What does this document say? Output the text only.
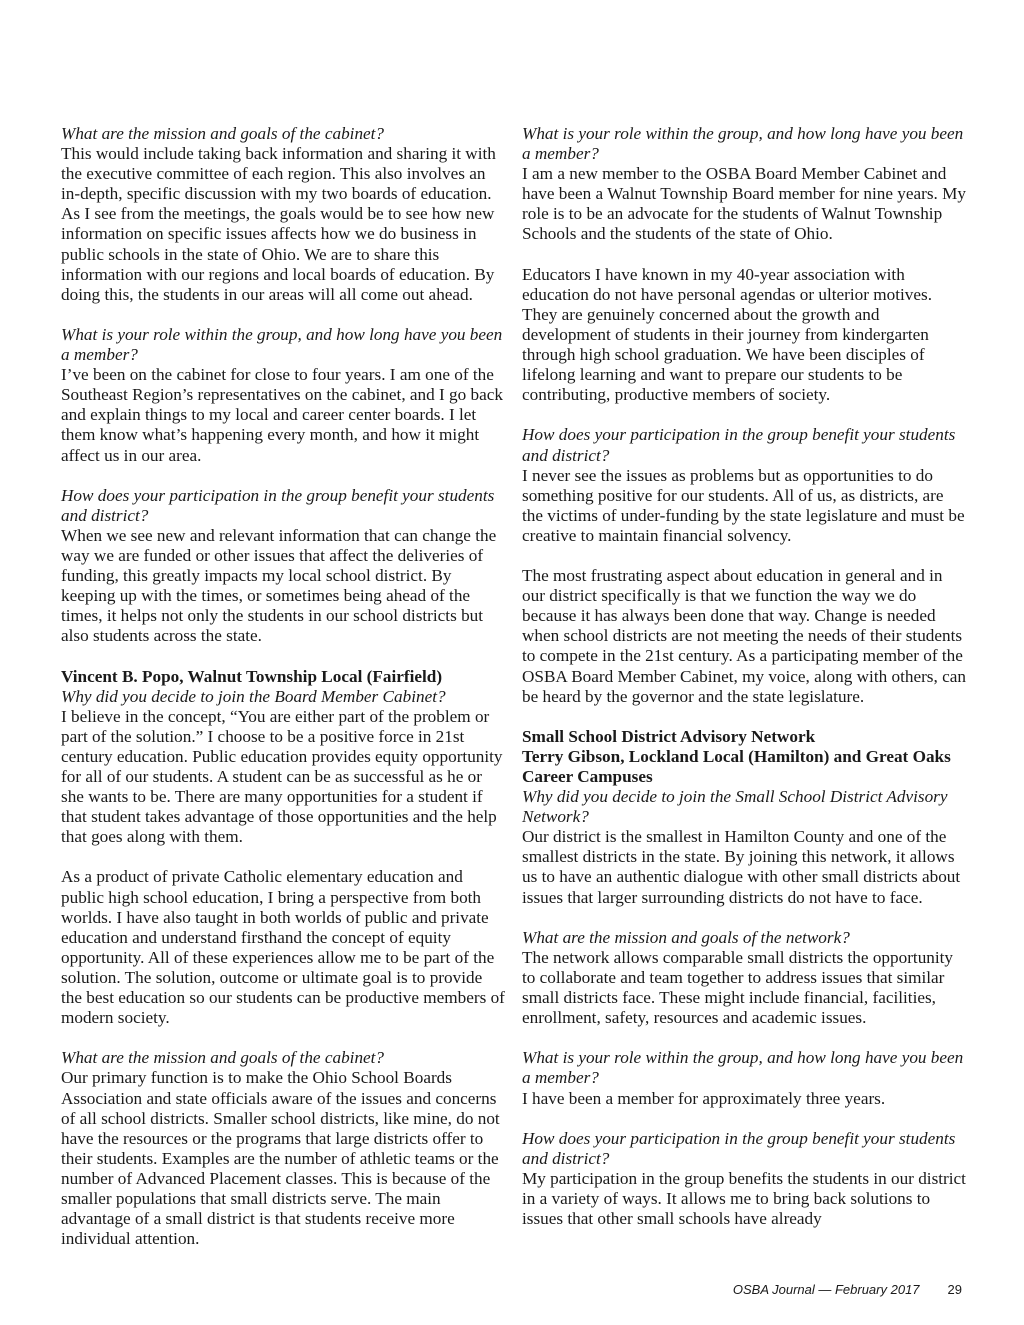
What are the mission and goals of the cabinet?

This would include taking back information and sharing it with the executive committee of each region. This also involves an in-depth, specific discussion with my two boards of education. As I see from the meetings, the goals would be to see how new information on specific issues affects how we do business in public schools in the state of Ohio. We are to share this information with our regions and local boards of education. By doing this, the students in our areas will all come out ahead.

What is your role within the group, and how long have you been a member?

I’ve been on the cabinet for close to four years. I am one of the Southeast Region’s representatives on the cabinet, and I go back and explain things to my local and career center boards. I let them know what’s happening every month, and how it might affect us in our area.

How does your participation in the group benefit your students and district?

When we see new and relevant information that can change the way we are funded or other issues that affect the deliveries of funding, this greatly impacts my local school district. By keeping up with the times, or sometimes being ahead of the times, it helps not only the students in our school districts but also students across the state.

Vincent B. Popo, Walnut Township Local (Fairfield)

Why did you decide to join the Board Member Cabinet?

I believe in the concept, “You are either part of the problem or part of the solution.” I choose to be a positive force in 21st century education. Public education provides equity opportunity for all of our students. A student can be as successful as he or she wants to be. There are many opportunities for a student if that student takes advantage of those opportunities and the help that goes along with them.

As a product of private Catholic elementary education and public high school education, I bring a perspective from both worlds. I have also taught in both worlds of public and private education and understand firsthand the concept of equity opportunity. All of these experiences allow me to be part of the solution. The solution, outcome or ultimate goal is to provide the best education so our students can be productive members of modern society.

What are the mission and goals of the cabinet?

Our primary function is to make the Ohio School Boards Association and state officials aware of the issues and concerns of all school districts. Smaller school districts, like mine, do not have the resources or the programs that large districts offer to their students. Examples are the number of athletic teams or the number of Advanced Placement classes. This is because of the smaller populations that small districts serve. The main advantage of a small district is that students receive more individual attention.

What is your role within the group, and how long have you been a member?

I am a new member to the OSBA Board Member Cabinet and have been a Walnut Township Board member for nine years. My role is to be an advocate for the students of Walnut Township Schools and the students of the state of Ohio.

Educators I have known in my 40-year association with education do not have personal agendas or ulterior motives. They are genuinely concerned about the growth and development of students in their journey from kindergarten through high school graduation. We have been disciples of lifelong learning and want to prepare our students to be contributing, productive members of society.

How does your participation in the group benefit your students and district?

I never see the issues as problems but as opportunities to do something positive for our students. All of us, as districts, are the victims of under-funding by the state legislature and must be creative to maintain financial solvency.

The most frustrating aspect about education in general and in our district specifically is that we function the way we do because it has always been done that way. Change is needed when school districts are not meeting the needs of their students to compete in the 21st century. As a participating member of the OSBA Board Member Cabinet, my voice, along with others, can be heard by the governor and the state legislature.

Small School District Advisory Network

Terry Gibson, Lockland Local (Hamilton) and Great Oaks Career Campuses

Why did you decide to join the Small School District Advisory Network?

Our district is the smallest in Hamilton County and one of the smallest districts in the state. By joining this network, it allows us to have an authentic dialogue with other small districts about issues that larger surrounding districts do not have to face.

What are the mission and goals of the network?

The network allows comparable small districts the opportunity to collaborate and team together to address issues that similar small districts face. These might include financial, facilities, enrollment, safety, resources and academic issues.

What is your role within the group, and how long have you been a member?

I have been a member for approximately three years.

How does your participation in the group benefit your students and district?

My participation in the group benefits the students in our district in a variety of ways. It allows me to bring back solutions to issues that other small schools have already

OSBA Journal — February 2017 29
